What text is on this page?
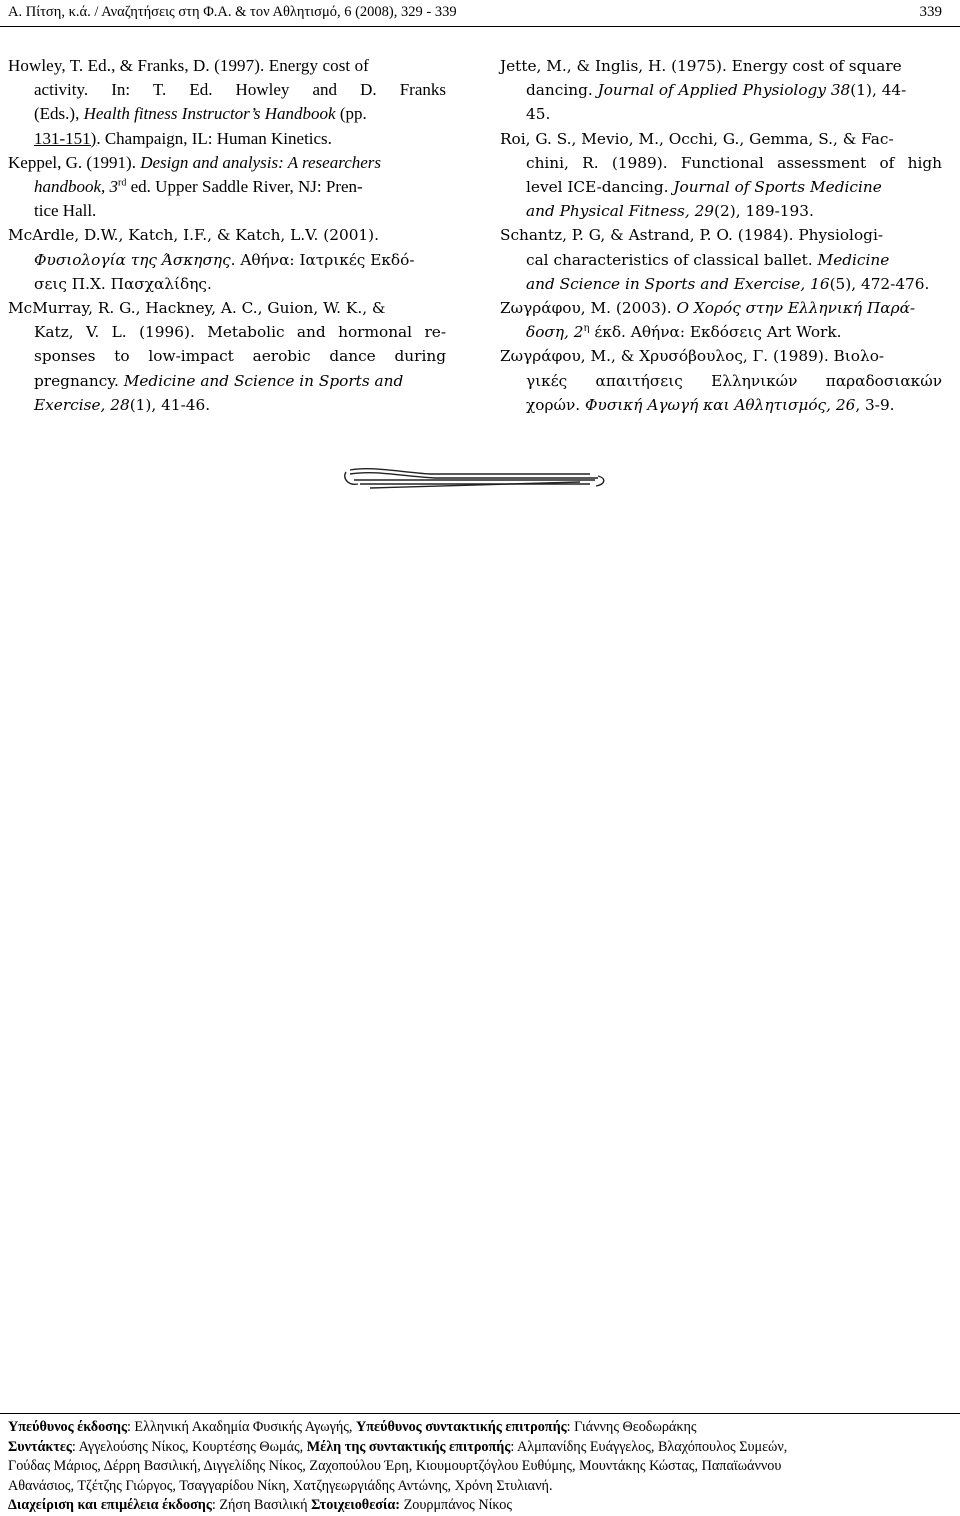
Α. Πίτση, κ.ά. / Αναζητήσεις στη Φ.Α. & τον Αθλητισμό, 6 (2008), 329 - 339	339
Howley, T. Ed., & Franks, D. (1997). Energy cost of
activity. In: T. Ed. Howley and D. Franks
(Eds.), Health fitness Instructor’s Handbook (pp.
131-151). Champaign, IL: Human Kinetics.
Keppel, G. (1991). Design and analysis: A researchers
handbook, 3rd ed. Upper Saddle River, NJ: Pren-
tice Hall.
McArdle, D.W., Katch, I.F., & Katch, L.V. (2001).
Φυσιολογία της Άσκησης. Αθήνα: Ιατρικές Εκδό-
σεις Π.Χ. Πασχαλίδης.
McMurray, R. G., Hackney, A. C., Guion, W. K., &
Katz, V. L. (1996). Metabolic and hormonal re-
sponses to low-impact aerobic dance during
pregnancy. Medicine and Science in Sports and
Exercise, 28(1), 41-46.
Jette, M., & Inglis, H. (1975). Energy cost of square
dancing. Journal of Applied Physiology 38(1), 44-
45.
Roi, G. S., Mevio, M., Occhi, G., Gemma, S., & Fac-
chini, R. (1989). Functional assessment of high
level ICE-dancing. Journal of Sports Medicine
and Physical Fitness, 29(2), 189-193.
Schantz, P. G, & Astrand, P. O. (1984). Physiologi-
cal characteristics of classical ballet. Medicine
and Science in Sports and Exercise, 16(5), 472-476.
Ζωγράφου, Μ. (2003). Ο Χορός στην Ελληνική Παρά-
δοση, $2^\eta$ έκδ. Αθήνα: Εκδόσεις Art Work.
Ζωγράφου, Μ., & Χρυσόβουλος, Γ. (1989). Βιολο-
γικές απαιτήσεις Ελληνικών παραδοσιακών
χορών. Φυσική Αγωγή και Αθλητισμός, 26, 3-9.
Υπεύθυνος έκδοσης: Ελληνική Ακαδημία Φυσικής Αγωγής, Υπεύθυνος συντακτικής επιτροπής: Γιάννης Θεοδωράκης
Συντάκτες: Αγγελούσης Νίκος, Κουρτέσης Θωμάς, Μέλη της συντακτικής επιτροπής: Αλμπανίδης Ευάγγελος, Βλαχόπουλος Συμεών,
Γούδας Μάριος, Δέρρη Βασιλική, Διγγελίδης Νίκος, Ζαχοπούλου Έρη, Κιουμουρτζόγλου Ευθύμης, Μουντάκης Κώστας, Παπαϊωάννου
Αθανάσιος, Τζέτζης Γιώργος, Τσαγγαρίδου Νίκη, Χατζηγεωργιάδης Αντώνης, Χρόνη Στυλιανή.
Διαχείριση και επιμέλεια έκδοσης: Ζήση Βασιλική Στοιχειοθεσία: Ζουρμπάνος Νίκος
